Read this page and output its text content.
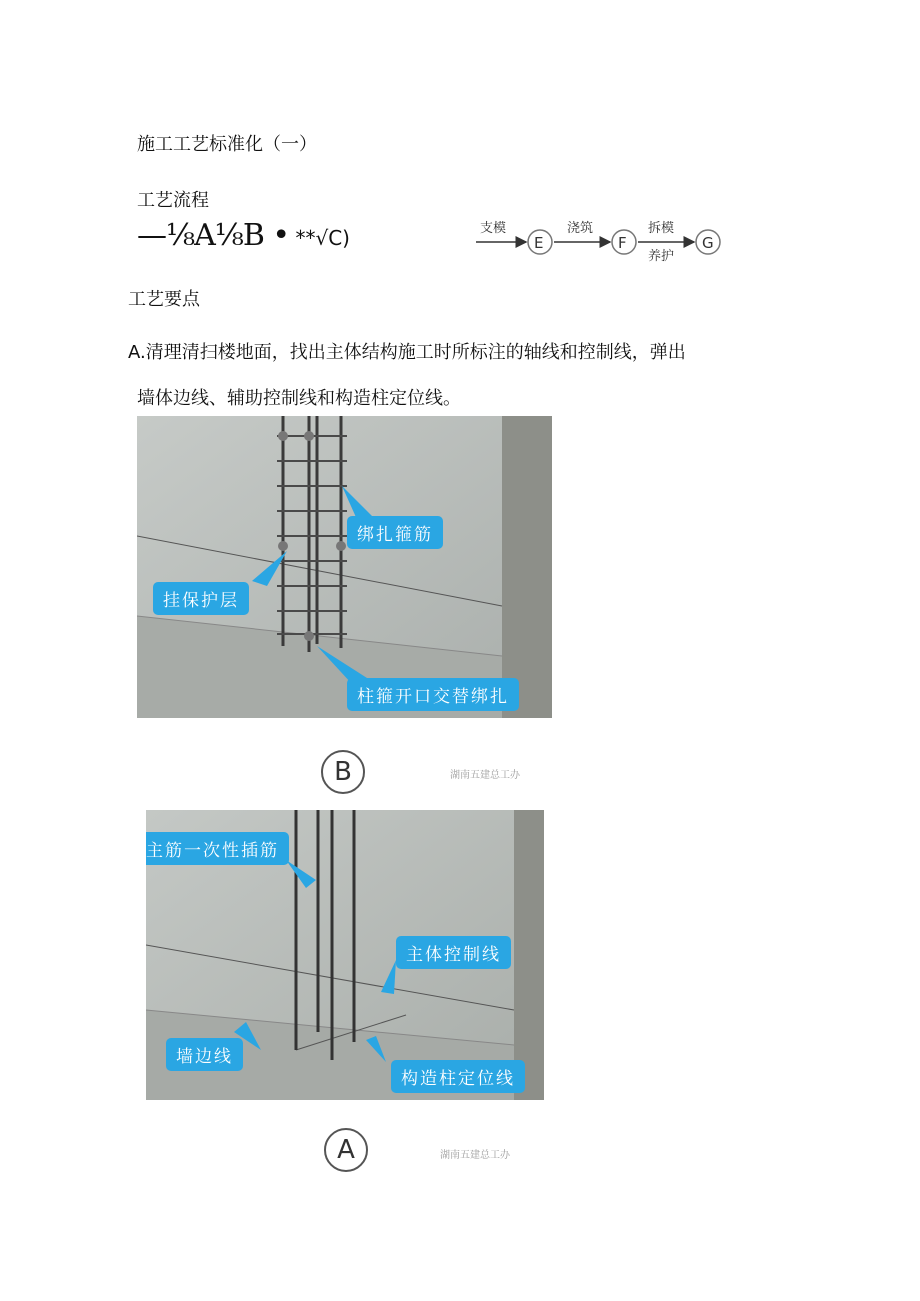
施工工艺标准化（一）
工艺流程
—⅛A⅛B • **√C)	支模
E
浇筑
F
拆模
养护
G
工艺要点
A.清理清扫楼地面，找出主体结构施工时所标注的轴线和控制线，弹出
墙体边线、辅助控制线和构造柱定位线。
绑扎箍筋
挂保护层
柱箍开口交替绑扎
B	湖南五建总工办
主筋一次性插筋
主体控制线
墙边线
构造柱定位线
A	湖南五建总工办
